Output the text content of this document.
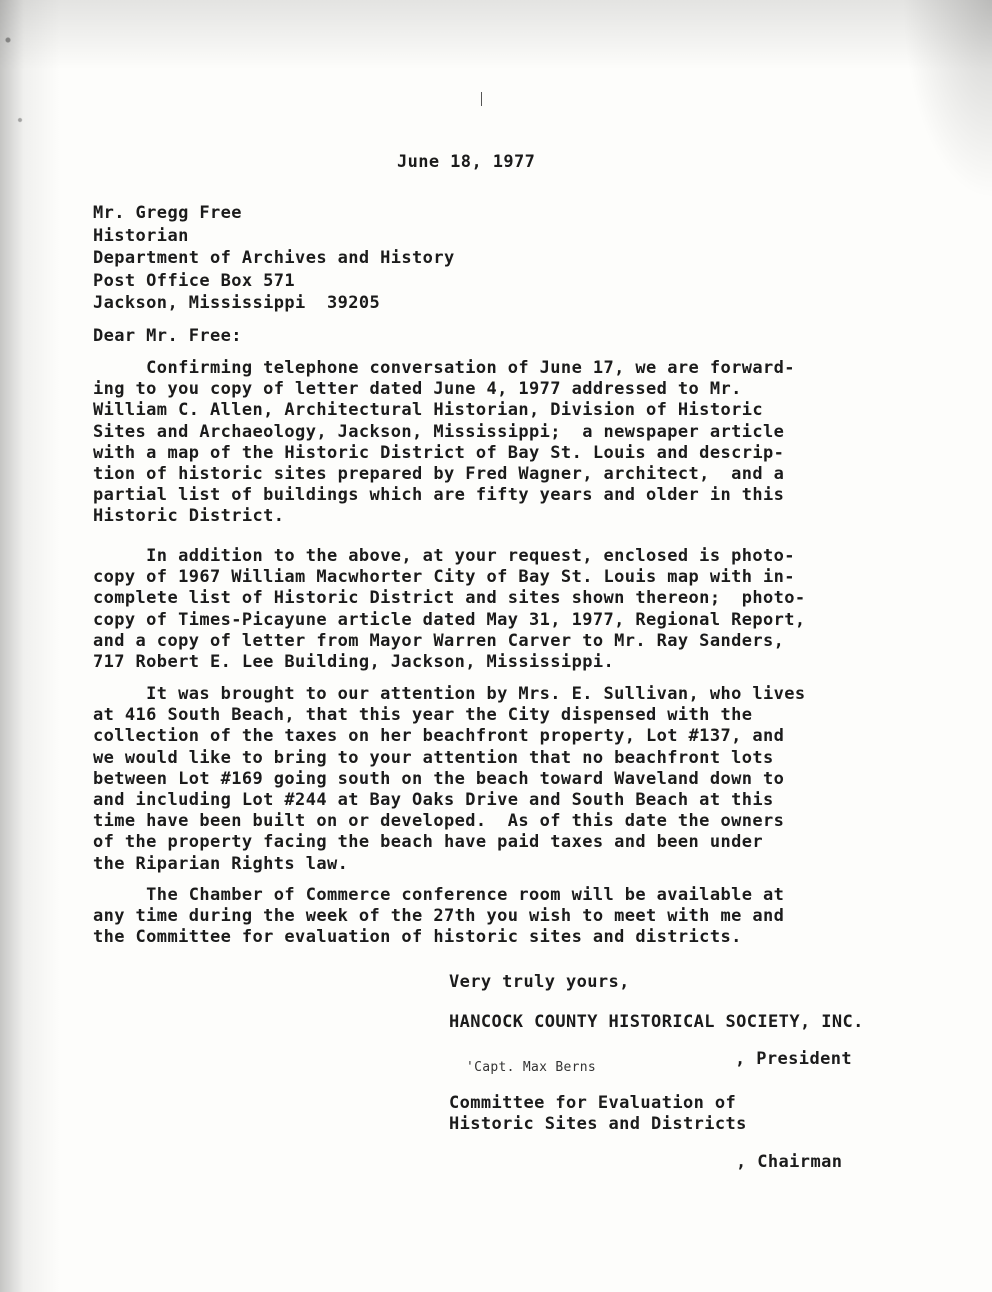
June 18, 1977
Mr. Gregg Free
Historian
Department of Archives and History
Post Office Box 571
Jackson, Mississippi  39205
Dear Mr. Free:
Confirming telephone conversation of June 17, we are forward-
ing to you copy of letter dated June 4, 1977 addressed to Mr.
William C. Allen, Architectural Historian, Division of Historic
Sites and Archaeology, Jackson, Mississippi;  a newspaper article
with a map of the Historic District of Bay St. Louis and descrip-
tion of historic sites prepared by Fred Wagner, architect,  and a
partial list of buildings which are fifty years and older in this
Historic District.
In addition to the above, at your request, enclosed is photo-
copy of 1967 William Macwhorter City of Bay St. Louis map with in-
complete list of Historic District and sites shown thereon;  photo-
copy of Times-Picayune article dated May 31, 1977, Regional Report,
and a copy of letter from Mayor Warren Carver to Mr. Ray Sanders,
717 Robert E. Lee Building, Jackson, Mississippi.
It was brought to our attention by Mrs. E. Sullivan, who lives
at 416 South Beach, that this year the City dispensed with the
collection of the taxes on her beachfront property, Lot #137, and
we would like to bring to your attention that no beachfront lots
between Lot #169 going south on the beach toward Waveland down to
and including Lot #244 at Bay Oaks Drive and South Beach at this
time have been built on or developed.  As of this date the owners
of the property facing the beach have paid taxes and been under
the Riparian Rights law.
The Chamber of Commerce conference room will be available at
any time during the week of the 27th you wish to meet with me and
the Committee for evaluation of historic sites and districts.
Very truly yours,
HANCOCK COUNTY HISTORICAL SOCIETY, INC.
'Capt. Max Berns	, President
Committee for Evaluation of
Historic Sites and Districts
, Chairman
